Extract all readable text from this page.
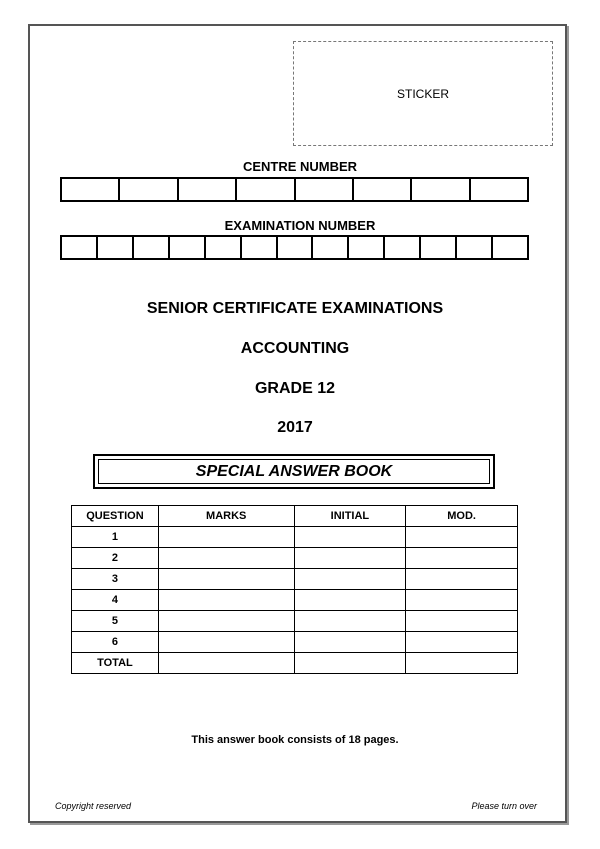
STICKER
CENTRE NUMBER
EXAMINATION NUMBER
SENIOR CERTIFICATE EXAMINATIONS
ACCOUNTING
GRADE 12
2017
SPECIAL ANSWER BOOK
QUESTION	MARKS	INITIAL	MOD.
1			
2			
3			
4			
5			
6			
TOTAL			
This answer book consists of 18 pages.
Copyright reserved	Please turn over
